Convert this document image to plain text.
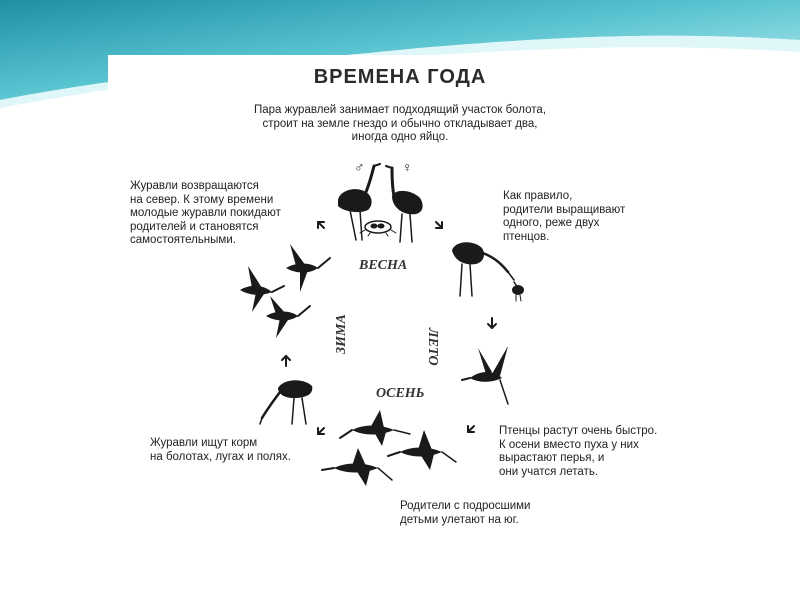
ВРЕМЕНА ГОДА
Пара журавлей занимает подходящий участок болота,
строит на земле гнездо и обычно откладывает два,
иногда одно яйцо.
Журавли возвращаются
на север. К этому времени
молодые журавли покидают
родителей и становятся
самостоятельными.
Как правило,
родители выращивают
одного, реже двух
птенцов.
Птенцы растут очень быстро.
К осени вместо пуха у них
вырастают перья, и
они учатся летать.
Журавли ищут корм
на болотах, лугах и полях.
Родители с подросшими
детьми улетают на юг.
ВЕСНА
ОСЕНЬ
ЛЕТО
ЗИМА
♂	♀
